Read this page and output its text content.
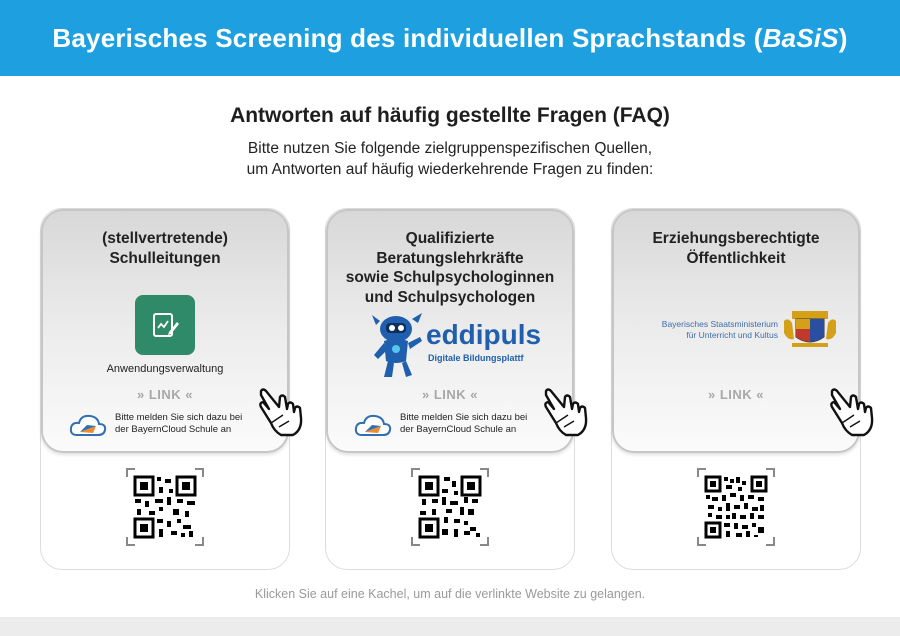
Bayerisches Screening des individuellen Sprachstands (BaSiS)
Antworten auf häufig gestellte Fragen (FAQ)
Bitte nutzen Sie folgende zielgruppenspezifischen Quellen,
um Antworten auf häufig wiederkehrende Fragen zu finden:
(stellvertretende)
Schulleitungen
Anwendungsverwaltung
» LINK «
Bitte melden Sie sich dazu bei
der BayernCloud Schule an
Qualifizierte
Beratungslehrkräfte
sowie Schulpsychologinnen
und Schulpsychologen
eddipuls
Digitale Bildungsplattf
» LINK «
Bitte melden Sie sich dazu bei
der BayernCloud Schule an
Erziehungsberechtigte
Öffentlichkeit
Bayerisches Staatsministerium
für Unterricht und Kultus
» LINK «
Klicken Sie auf eine Kachel, um auf die verlinkte Website zu gelangen.
